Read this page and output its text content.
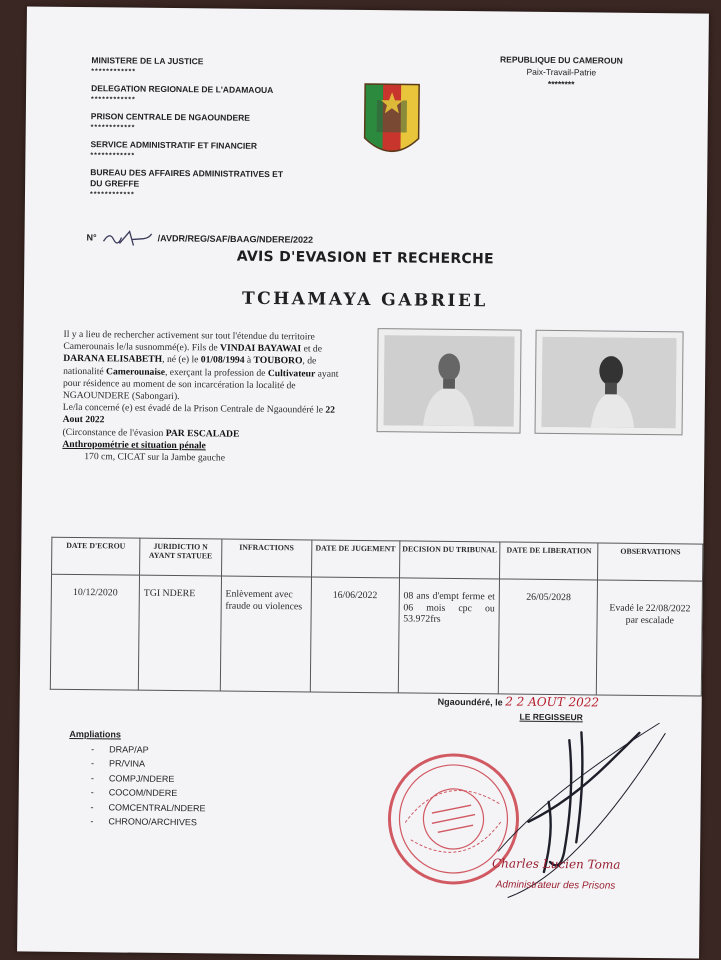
MINISTERE DE LA JUSTICE
************
DELEGATION REGIONALE DE L'ADAMAOUA
************
PRISON CENTRALE DE NGAOUNDERE
************
SERVICE ADMINISTRATIF ET FINANCIER
************
BUREAU DES AFFAIRES ADMINISTRATIVES ET
DU GREFFE
************
REPUBLIQUE DU CAMEROUN
Paix-Travail-Patrie
********
N°	/AVDR/REG/SAF/BAAG/NDERE/2022
AVIS D'EVASION ET RECHERCHE
TCHAMAYA GABRIEL

Il y a lieu de rechercher activement sur tout l'étendue du territoire Camerounais le/la susnommé(e). Fils de VINDAI BAYAWAI et de DARANA ELISABETH, né (e) le 01/08/1994 à TOUBORO, de nationalité Camerounaise, exerçant la profession de Cultivateur ayant pour résidence au moment de son incarcération la localité de NGAOUNDERE (Sabongari).

Le/la concerné (e) est évadé de la Prison Centrale de Ngaoundéré le 22 Aout 2022

(Circonstance de l'évasion PAR ESCALADE

Anthropométrie et situation pénale

170 cm, CICAT sur la Jambe gauche

DATE D'ECROU	JURIDICTIO N AYANT STATUEE	INFRACTIONS	DATE DE JUGEMENT	DECISION DU TRIBUNAL	DATE DE LIBERATION	OBSERVATIONS
10/12/2020	TGI NDERE	Enlèvement avec fraude ou violences	16/06/2022	08 ans d'empt ferme et 06 mois cpc ou 53.972frs	26/05/2028	Evadé le 22/08/2022 par escalade
Ngaoundéré, le 2 2 AOUT 2022
LE REGISSEUR
Ampliations
- DRAP/AP
- PR/VINA
- COMPJ/NDERE
- COCOM/NDERE
- COMCENTRAL/NDERE
- CHRONO/ARCHIVES
Charles Lucien Toma
Administrateur des Prisons
